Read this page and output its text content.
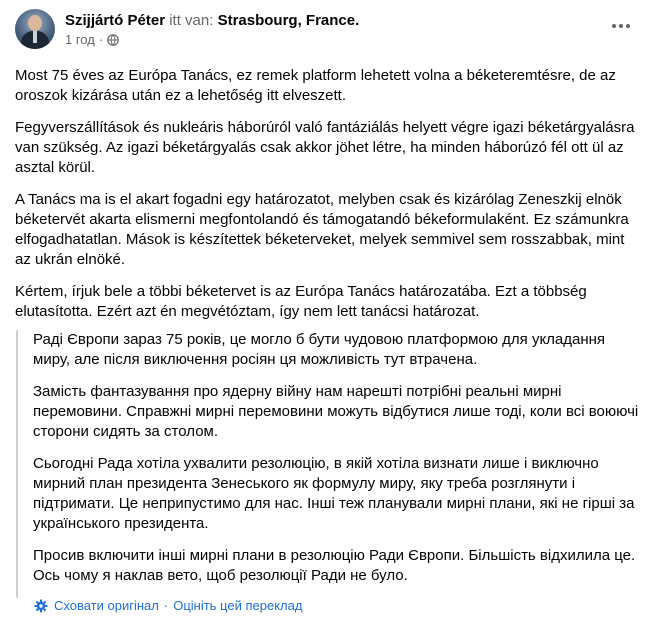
Szijjártó Péter itt van: Strasbourg, France.
1 год ·

Most 75 éves az Európa Tanács, ez remek platform lehetett volna a béketeremtésre, de az oroszok kizárása után ez a lehetőség itt elveszett.

Fegyverszállítások és nukleáris háborúról való fantáziálás helyett végre igazi béketárgyalásra van szükség. Az igazi béketárgyalás csak akkor jöhet létre, ha minden háborúzó fél ott ül az asztal körül.

A Tanács ma is el akart fogadni egy határozatot, melyben csak és kizárólag Zeneszkij elnök béketervét akarta elismerni megfontolandó és támogatandó békeformulaként. Ez számunkra elfogadhatatlan. Mások is készítettek béketerveket, melyek semmivel sem rosszabbak, mint az ukrán elnöké.

Kértem, írjuk bele a többi béketervet is az Európa Tanács határozatába. Ezt a többség elutasította. Ezért azt én megvétóztam, így nem lett tanácsi határozat.

Раді Європи зараз 75 років, це могло б бути чудовою платформою для укладання миру, але після виключення росіян ця можливість тут втрачена.

Замість фантазування про ядерну війну нам нарешті потрібні реальні мирні перемовини. Справжні мирні перемовини можуть відбутися лише тоді, коли всі воюючі сторони сидять за столом.

Сьогодні Рада хотіла ухвалити резолюцію, в якій хотіла визнати лише і виключно мирний план президента Зенеського як формулу миру, яку треба розглянути і підтримати. Це неприпустимо для нас. Інші теж планували мирні плани, які не гірші за українського президента.

Просив включити інші мирні плани в резолюцію Ради Європи. Більшість відхилила це. Ось чому я наклав вето, щоб резолюції Ради не було.

Сховати оригінал · Оцініть цей переклад
